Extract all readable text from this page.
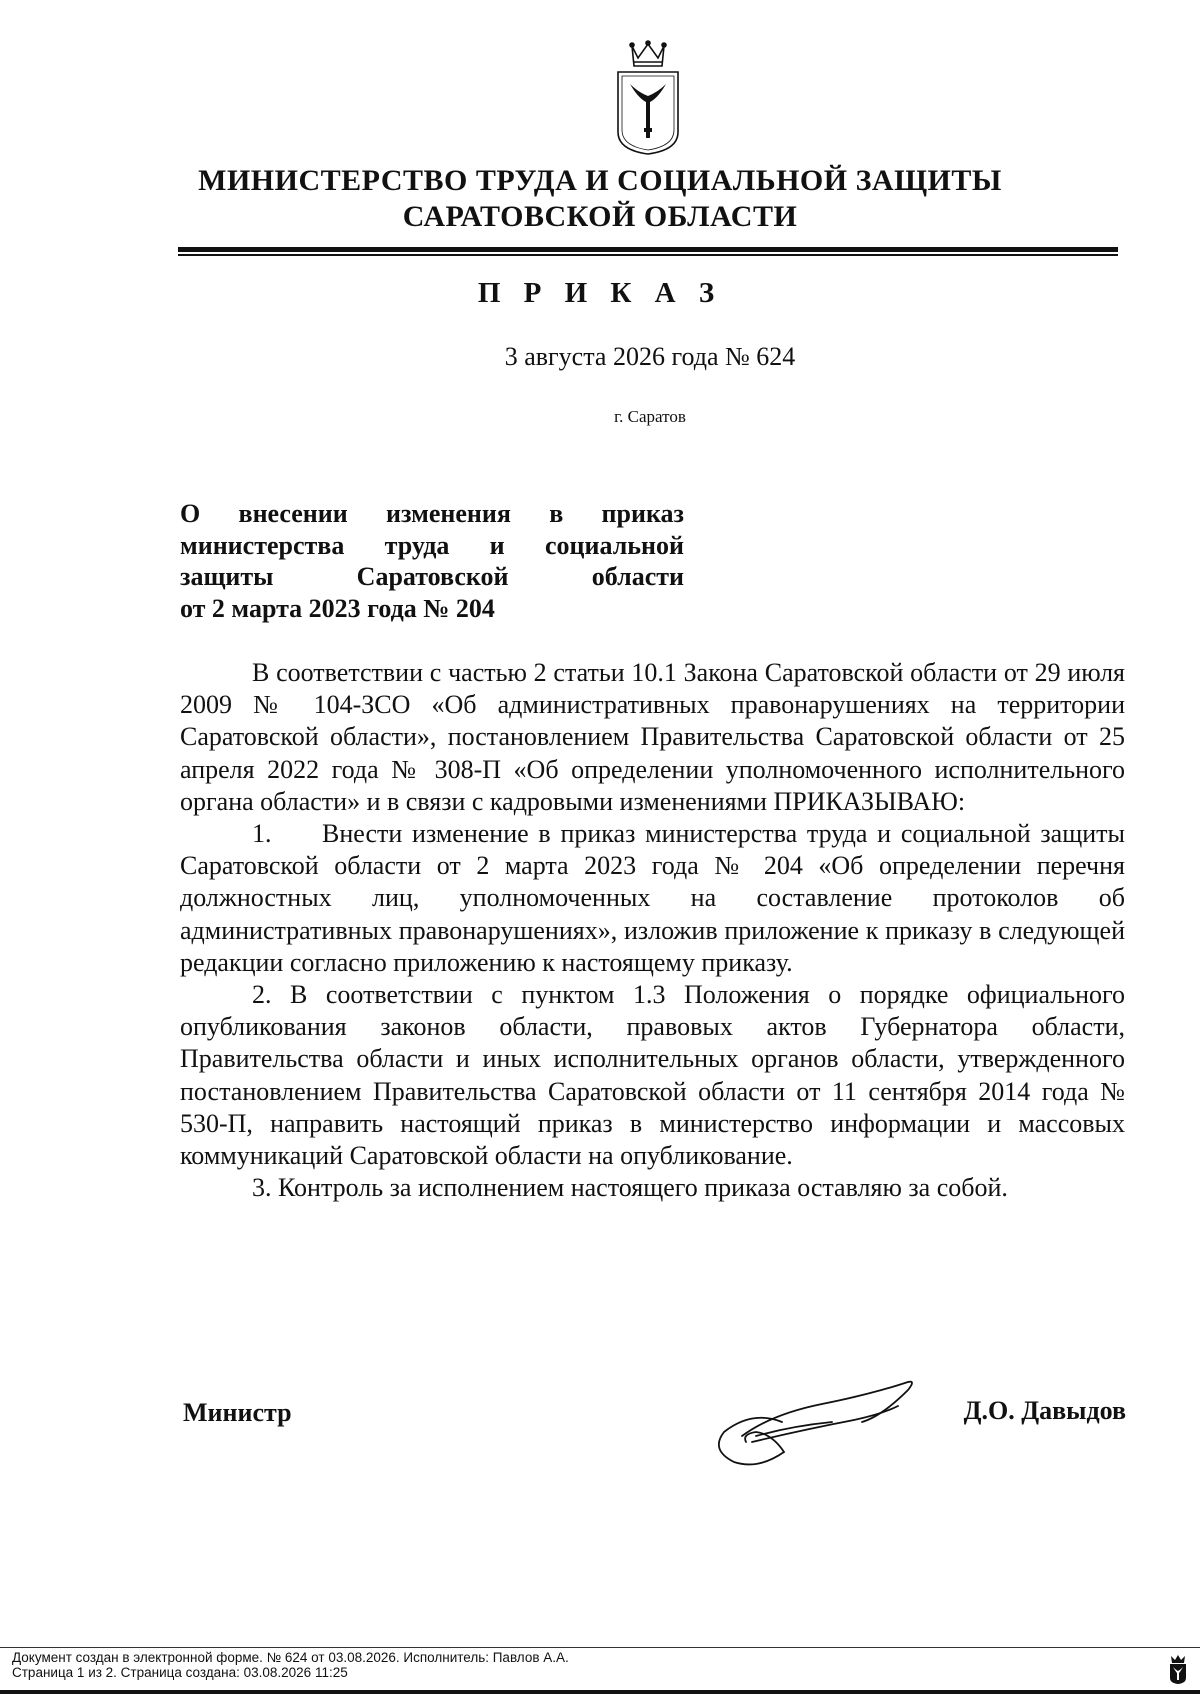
МИНИСТЕРСТВО ТРУДА И СОЦИАЛЬНОЙ ЗАЩИТЫ
САРАТОВСКОЙ ОБЛАСТИ
П Р И К А З
3 августа 2026 года № 624
г. Саратов
О внесении изменения в приказ
министерства труда и социальной
защиты Саратовской области
от 2 марта 2023 года № 204

В соответствии с частью 2 статьи 10.1 Закона Саратовской области от 29 июля 2009 № 104-ЗСО «Об административных правонарушениях на территории Саратовской области», постановлением Правительства Саратовской области от 25 апреля 2022 года № 308-П «Об определении уполномоченного исполнительного органа области» и в связи с кадровыми изменениями ПРИКАЗЫВАЮ:

1. Внести изменение в приказ министерства труда и социальной защиты Саратовской области от 2 марта 2023 года № 204 «Об определении перечня должностных лиц, уполномоченных на составление протоколов об административных правонарушениях», изложив приложение к приказу в следующей редакции согласно приложению к настоящему приказу.

2. В соответствии с пунктом 1.3 Положения о порядке официального опубликования законов области, правовых актов Губернатора области, Правительства области и иных исполнительных органов области, утвержденного постановлением Правительства Саратовской области от 11 сентября 2014 года № 530-П, направить настоящий приказ в министерство информации и массовых коммуникаций Саратовской области на опубликование.

3. Контроль за исполнением настоящего приказа оставляю за собой.

Министр	Д.О. Давыдов
Документ создан в электронной форме. № 624 от 03.08.2026. Исполнитель: Павлов А.А.
Страница 1 из 2. Страница создана: 03.08.2026 11:25
